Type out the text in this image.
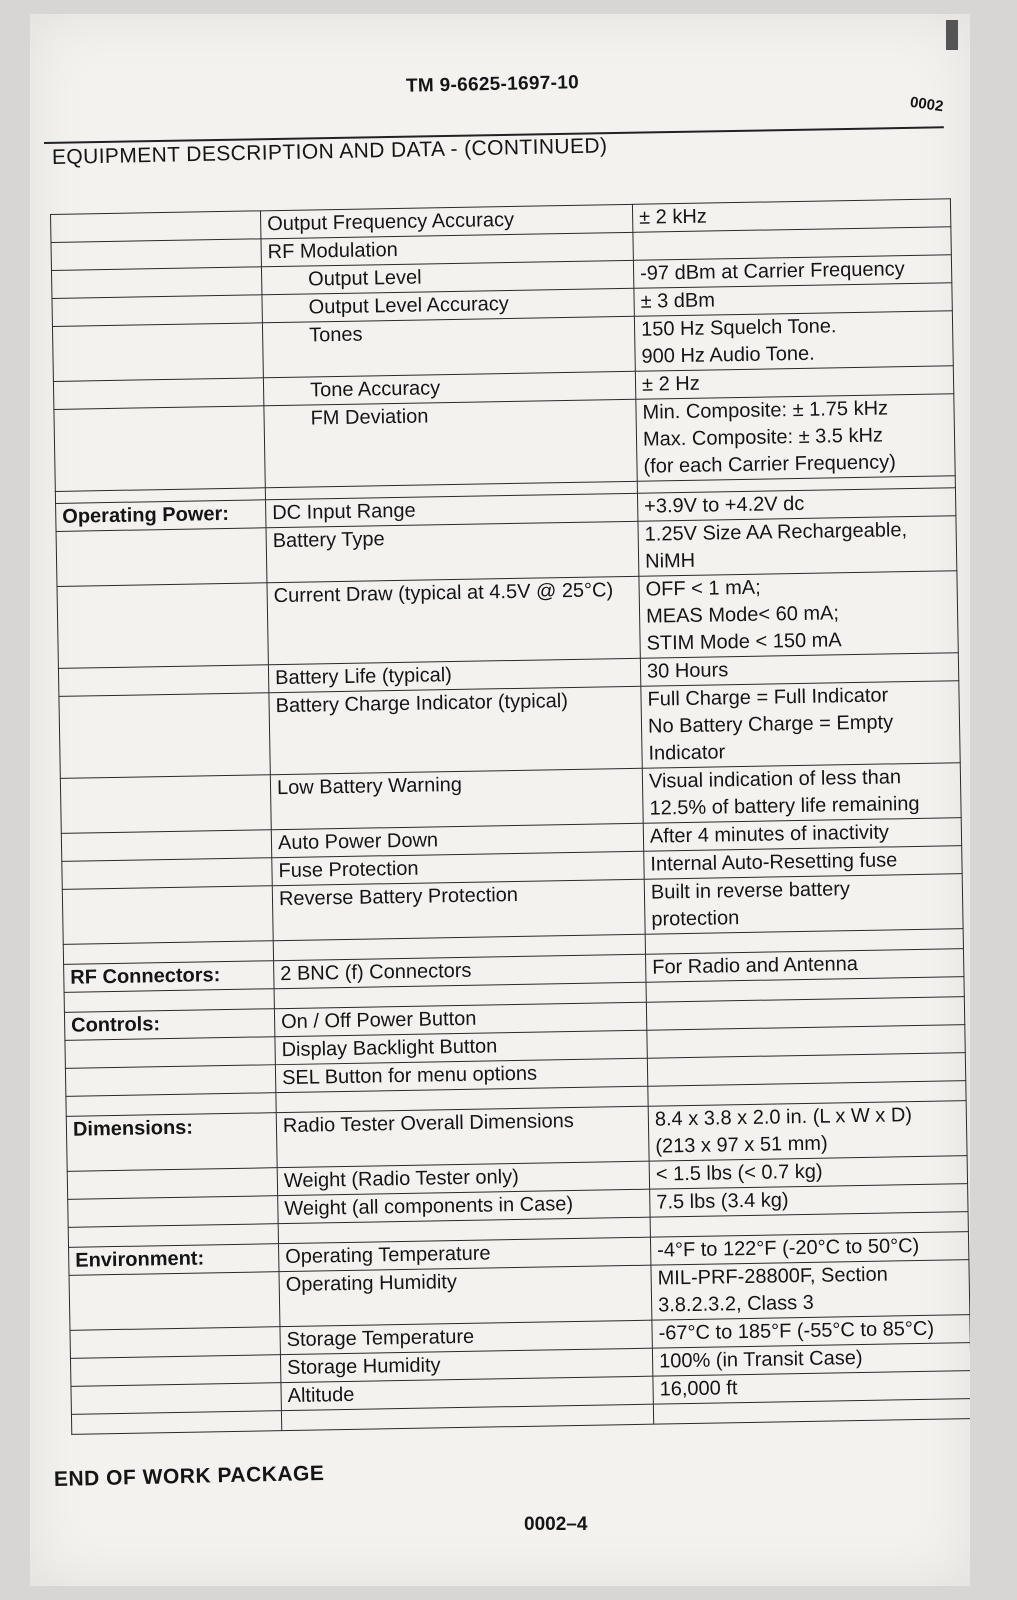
TM 9-6625-1697-10
0002
EQUIPMENT DESCRIPTION AND DATA - (CONTINUED)
	Output Frequency Accuracy	± 2 kHz
	RF Modulation	
	Output Level	-97 dBm at Carrier Frequency
	Output Level Accuracy	± 3 dBm
	Tones	150 Hz Squelch Tone.
900 Hz Audio Tone.
	Tone Accuracy	± 2 Hz
	FM Deviation	Min. Composite: ± 1.75 kHz
Max. Composite: ± 3.5 kHz
(for each Carrier Frequency)

Operating Power:	DC Input Range	+3.9V to +4.2V dc
	Battery Type	1.25V Size AA Rechargeable,
NiMH
	Current Draw (typical at 4.5V @ 25°C)	OFF < 1 mA;
MEAS Mode< 60 mA;
STIM Mode < 150 mA
	Battery Life (typical)	30 Hours
	Battery Charge Indicator (typical)	Full Charge = Full Indicator
No Battery Charge = Empty
Indicator
	Low Battery Warning	Visual indication of less than
12.5% of battery life remaining
	Auto Power Down	After 4 minutes of inactivity
	Fuse Protection	Internal Auto-Resetting fuse
	Reverse Battery Protection	Built in reverse battery
protection

RF Connectors:	2 BNC (f) Connectors	For Radio and Antenna

Controls:	On / Off Power Button	
	Display Backlight Button	
	SEL Button for menu options	

Dimensions:	Radio Tester Overall Dimensions	8.4 x 3.8 x 2.0 in. (L x W x D)
(213 x 97 x 51 mm)
	Weight (Radio Tester only)	< 1.5 lbs (< 0.7 kg)
	Weight (all components in Case)	7.5 lbs (3.4 kg)

Environment:	Operating Temperature	-4°F to 122°F (-20°C to 50°C)
	Operating Humidity	MIL-PRF-28800F, Section
3.8.2.3.2, Class 3
	Storage Temperature	-67°C to 185°F (-55°C to 85°C)
	Storage Humidity	100% (in Transit Case)
	Altitude	16,000 ft

END OF WORK PACKAGE
0002–4
